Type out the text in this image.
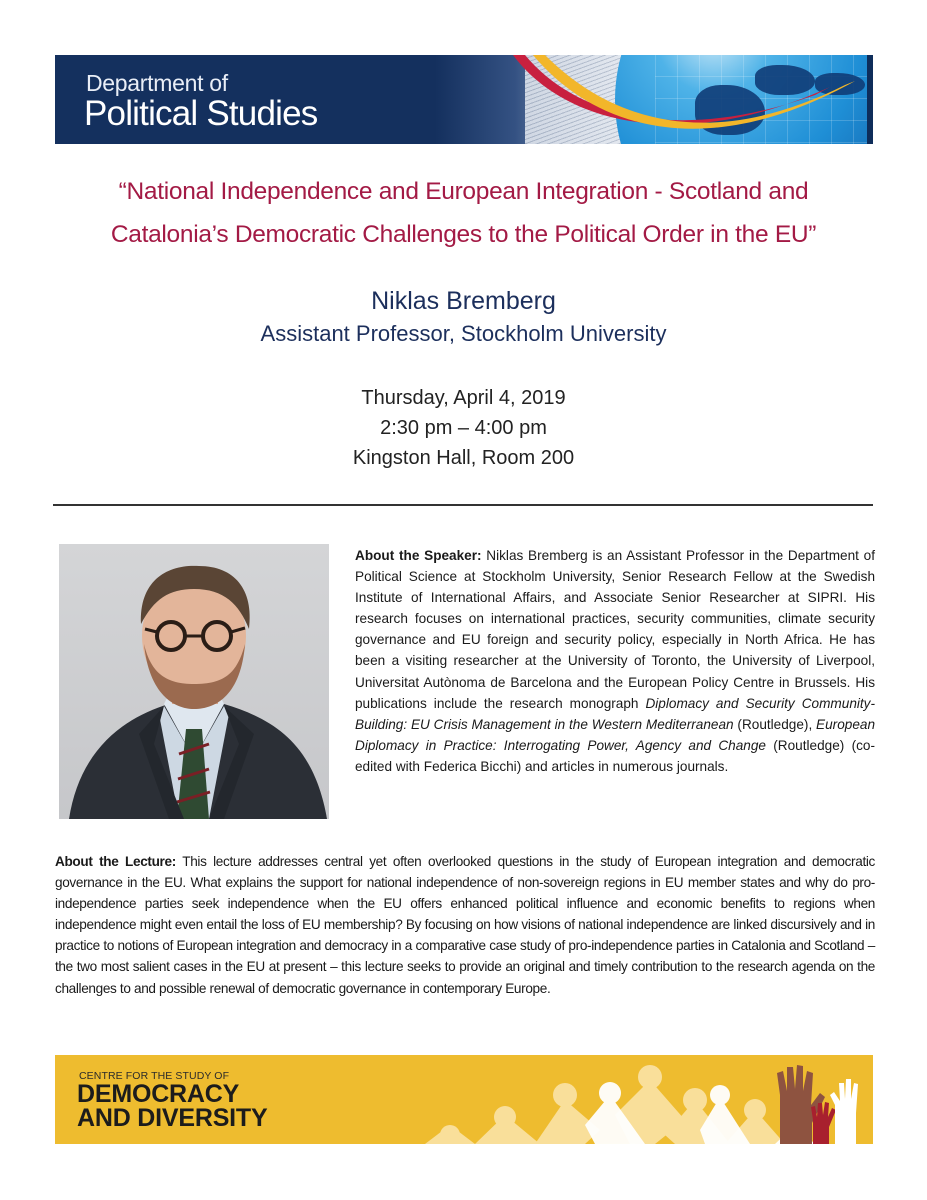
Department of
Political Studies
“National Independence and European Integration - Scotland and
Catalonia’s Democratic Challenges to the Political Order in the EU”
Niklas Bremberg
Assistant Professor, Stockholm University
Thursday, April 4, 2019
2:30 pm – 4:00 pm
Kingston Hall, Room 200
About the Speaker: Niklas Bremberg is an Assistant Professor in the Department of Political Science at Stockholm University, Senior Research Fellow at the Swedish Institute of International Affairs, and Associate Senior Researcher at SIPRI. His research focuses on international practices, security communities, climate security governance and EU foreign and security policy, especially in North Africa. He has been a visiting researcher at the University of Toronto, the University of Liverpool, Universitat Autònoma de Barcelona and the European Policy Centre in Brussels. His publications include the research monograph Diplomacy and Security Community-Building: EU Crisis Management in the Western Mediterranean (Routledge), European Diplomacy in Practice: Interrogating Power, Agency and Change (Routledge) (co-edited with Federica Bicchi) and articles in numerous journals.
About the Lecture: This lecture addresses central yet often overlooked questions in the study of European integration and democratic governance in the EU. What explains the support for national independence of non-sovereign regions in EU member states and why do pro-independence parties seek independence when the EU offers enhanced political influence and economic benefits to regions when independence might even entail the loss of EU membership? By focusing on how visions of national independence are linked discursively and in practice to notions of European integration and democracy in a comparative case study of pro-independence parties in Catalonia and Scotland – the two most salient cases in the EU at present – this lecture seeks to provide an original and timely contribution to the research agenda on the challenges to and possible renewal of democratic governance in contemporary Europe.
CENTRE FOR THE STUDY OF
DEMOCRACY
AND DIVERSITY
